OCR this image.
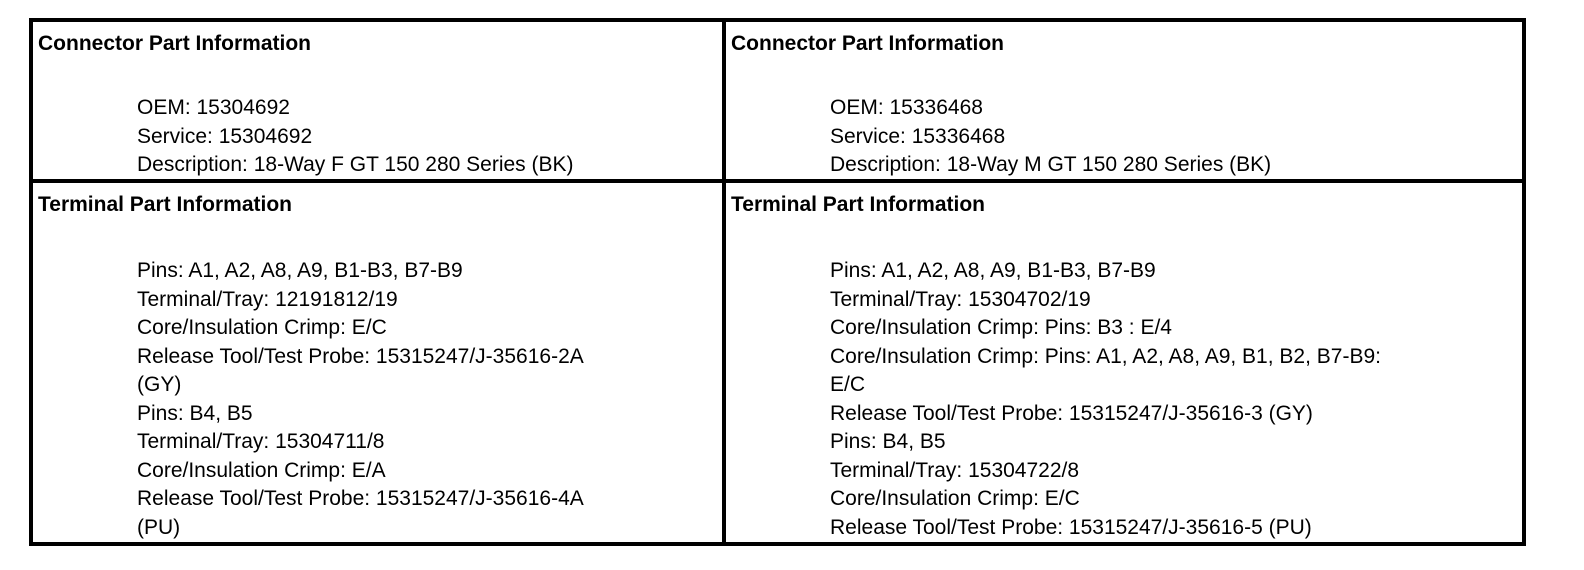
Connector Part Information
OEM: 15304692
Service: 15304692
Description: 18-Way F GT 150 280 Series (BK)
Connector Part Information
OEM: 15336468
Service: 15336468
Description: 18-Way M GT 150 280 Series (BK)
Terminal Part Information
Pins: A1, A2, A8, A9, B1-B3, B7-B9
Terminal/Tray: 12191812/19
Core/Insulation Crimp: E/C
Release Tool/Test Probe: 15315247/J-35616-2A
(GY)
Pins: B4, B5
Terminal/Tray: 15304711/8
Core/Insulation Crimp: E/A
Release Tool/Test Probe: 15315247/J-35616-4A
(PU)
Terminal Part Information
Pins: A1, A2, A8, A9, B1-B3, B7-B9
Terminal/Tray: 15304702/19
Core/Insulation Crimp: Pins: B3 : E/4
Core/Insulation Crimp: Pins: A1, A2, A8, A9, B1, B2, B7-B9:
E/C
Release Tool/Test Probe: 15315247/J-35616-3 (GY)
Pins: B4, B5
Terminal/Tray: 15304722/8
Core/Insulation Crimp: E/C
Release Tool/Test Probe: 15315247/J-35616-5 (PU)
